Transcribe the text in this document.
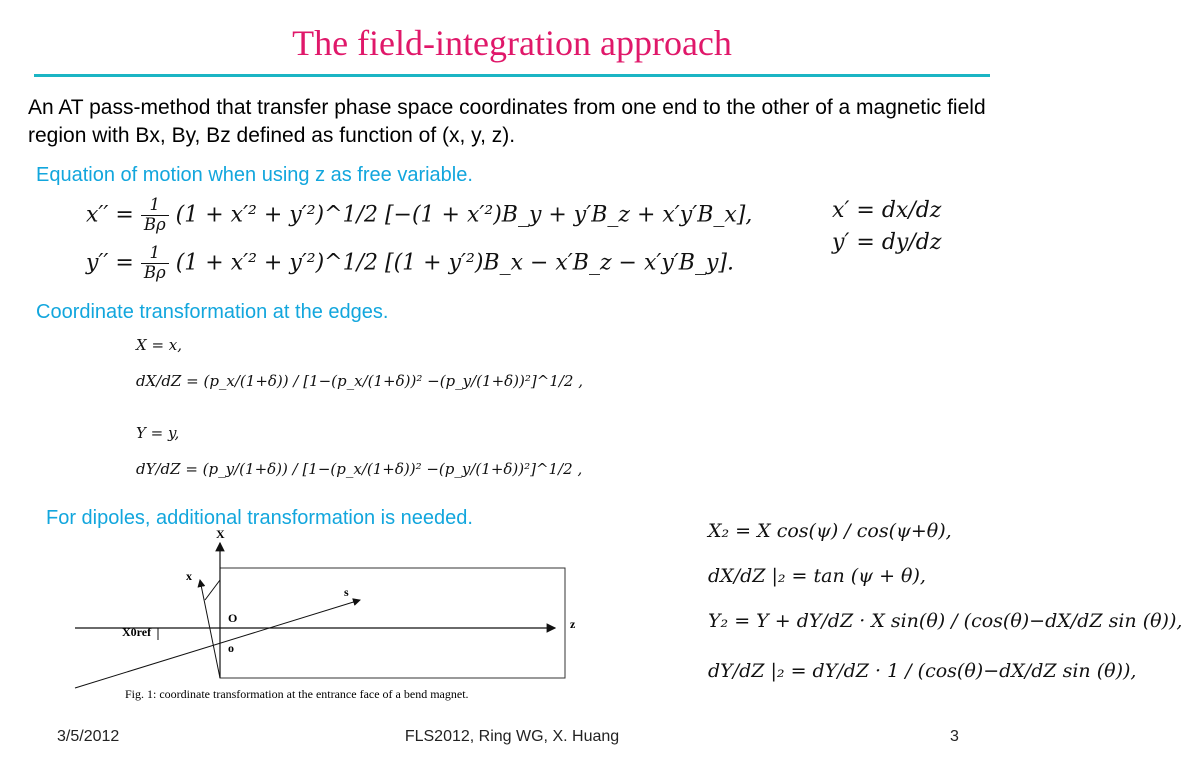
The field-integration approach
An AT pass-method that transfer phase space coordinates from one end to the other of a magnetic field region with Bx, By, Bz defined as function of (x, y, z).
Equation of motion when using z as free variable.
$x'' = \frac{1}{B\rho} (1 + x'^2$ + y′²)^1/2 [−(1 + x′²)B_y + y′B_z + x′y′B_x],
$y'' = \frac{1}{B\rho} (1 + x'^2$ + y′²)^1/2 [(1 + y′²)B_x − x′B_z − x′y′B_y].
x′ = dx/dz
y′ = dy/dz
Coordinate transformation at the edges.
X = x,
dX/dZ = (p_x/(1+δ)) / [1−(p_x/(1+δ))² −(p_y/(1+δ))²]^1/2 ,
Y = y,
dY/dZ = (p_y/(1+δ)) / [1−(p_x/(1+δ))² −(p_y/(1+δ))²]^1/2 ,
For dipoles, additional transformation is needed.
X₂ = X cos(ψ) / cos(ψ+θ),
dX/dZ |₂ = tan (ψ + θ),
Y₂ = Y + dY/dZ · X sin(θ) / (cos(θ)−dX/dZ sin (θ)),
dY/dZ |₂ = dY/dZ · 1 / (cos(θ)−dX/dZ sin (θ)),
X
x
s
z
O
o
X0ref
Fig. 1: coordinate transformation at the entrance face of a bend magnet.
3/5/2012	FLS2012, Ring WG, X. Huang	3
